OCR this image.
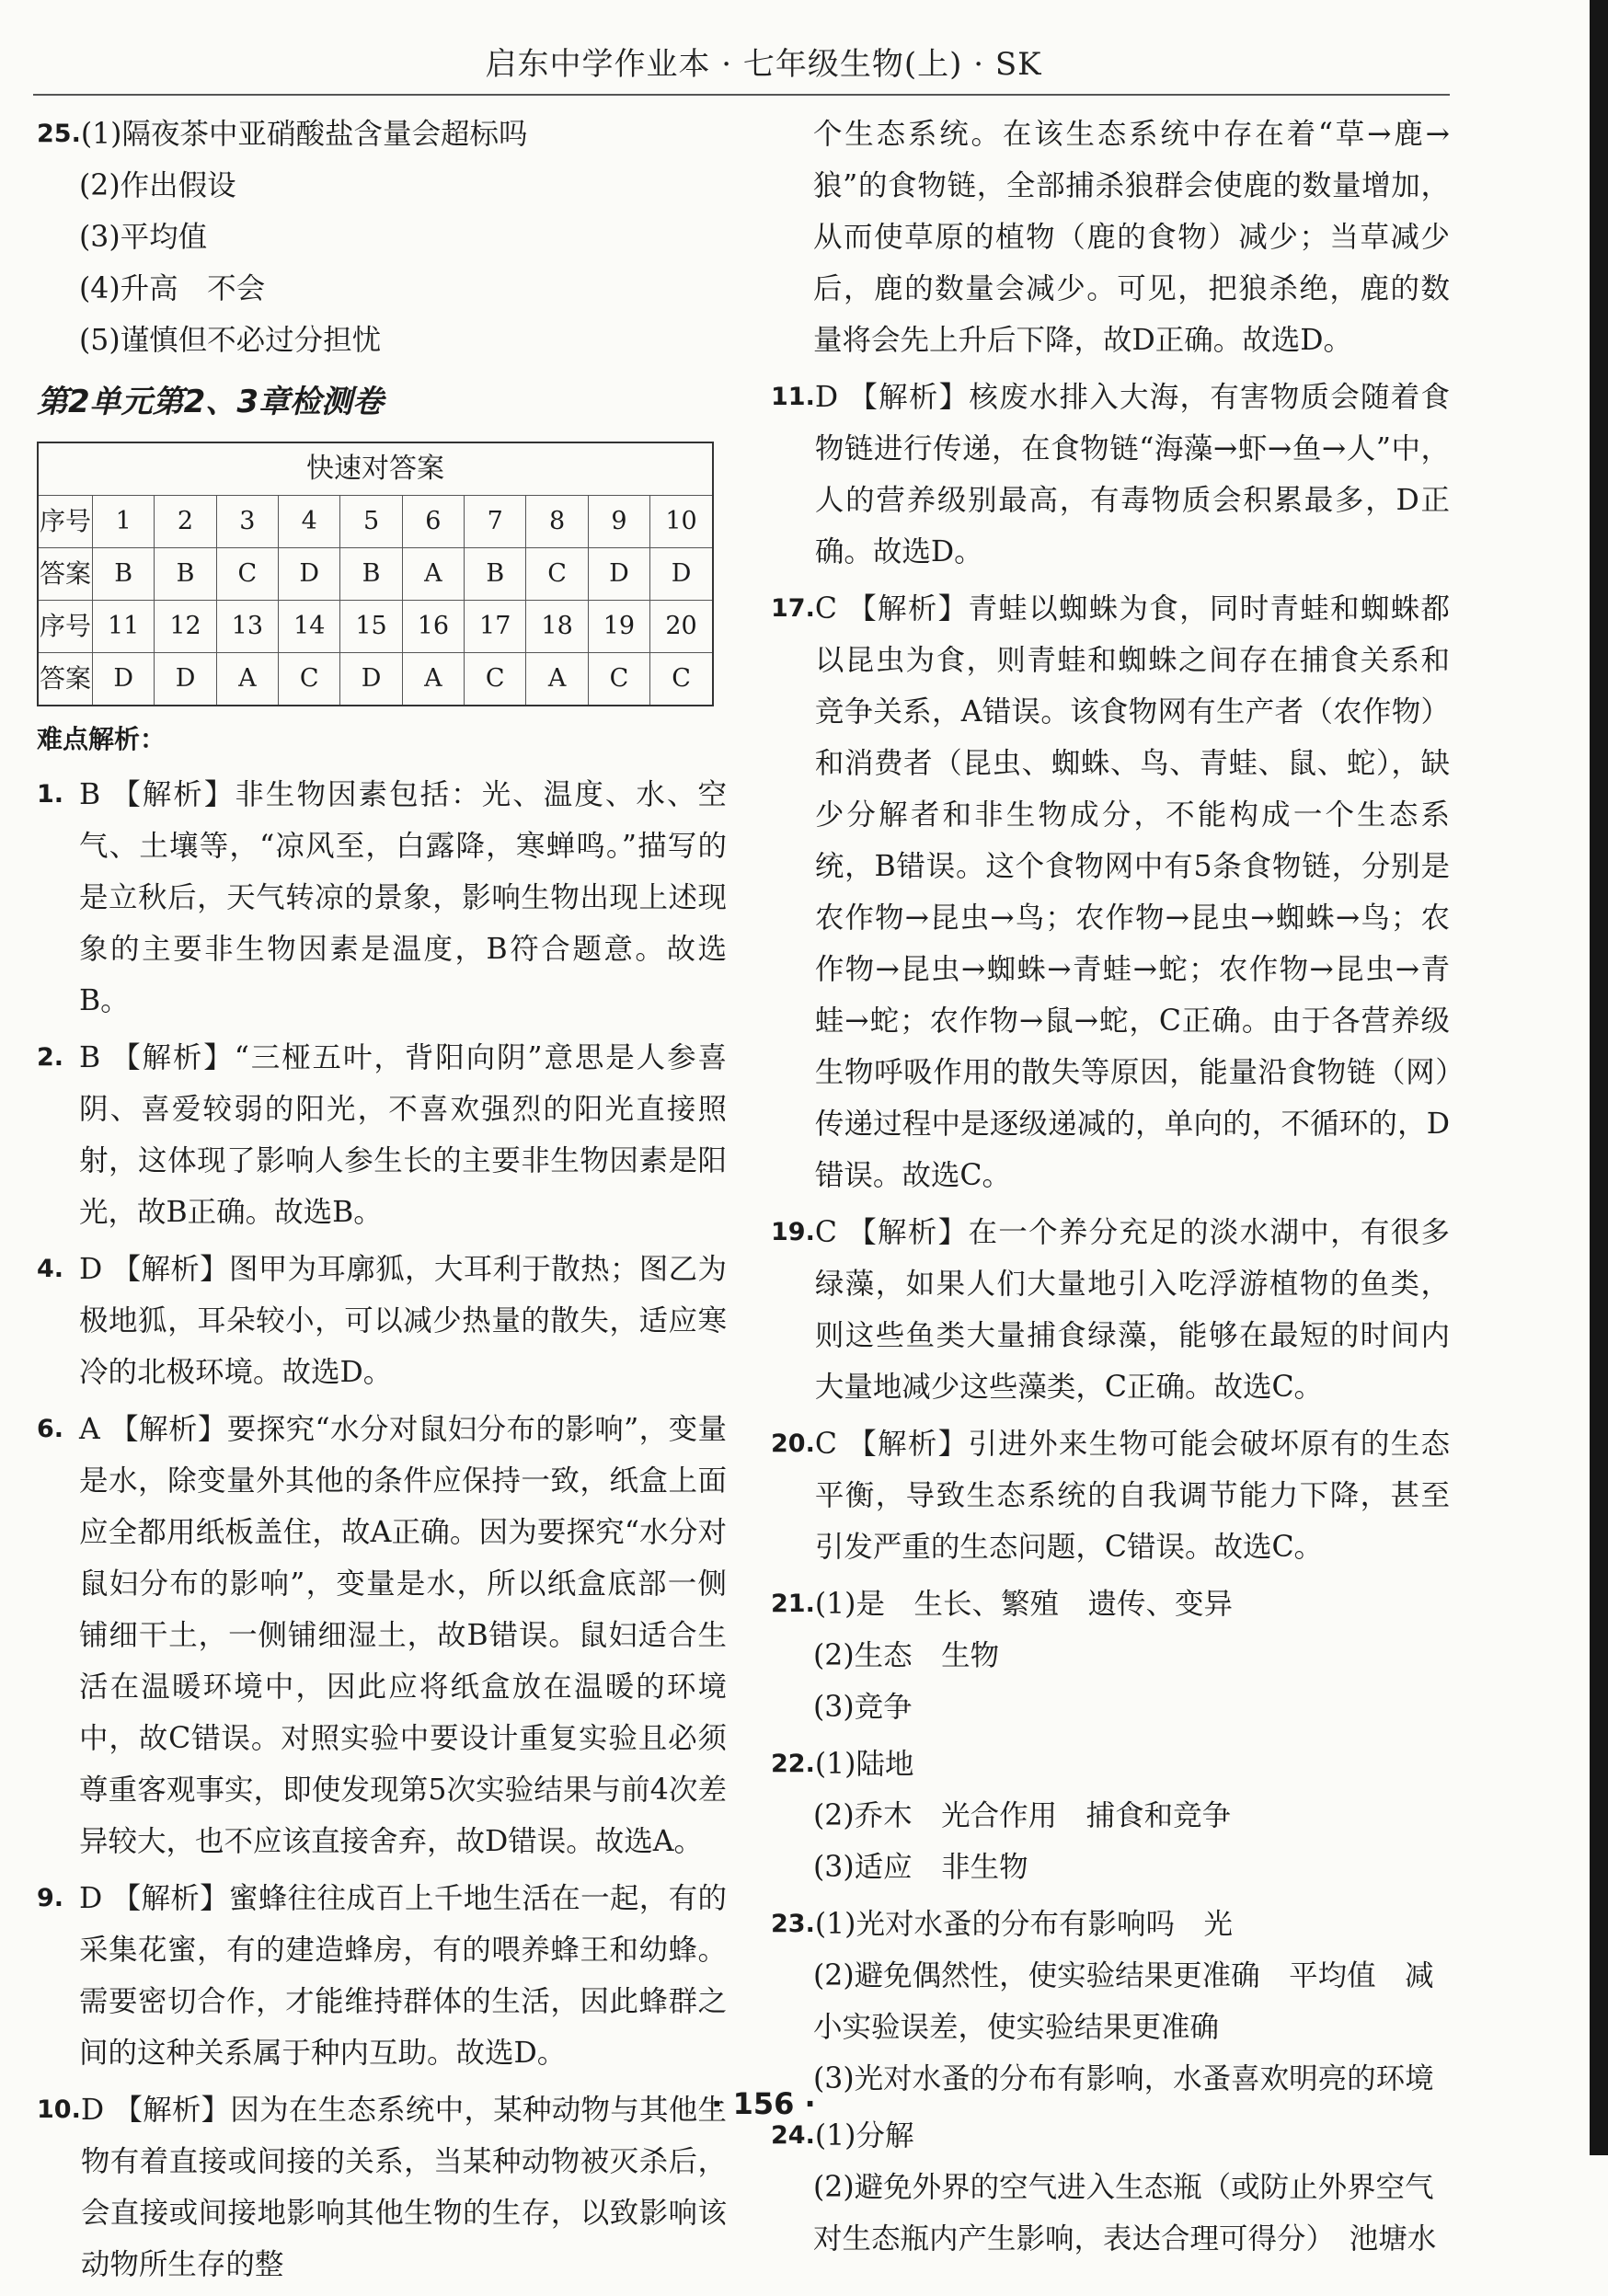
启东中学作业本 · 七年级生物(上) · SK
25. (1)隔夜茶中亚硝酸盐含量会超标吗
(2)作出假设
(3)平均值
(4)升高　不会
(5)谨慎但不必过分担忧
第2单元第2、3章检测卷
快速对答案										
序号	1	2	3	4	5	6	7	8	9	10
答案	B	B	C	D	B	A	B	C	D	D
序号	11	12	13	14	15	16	17	18	19	20
答案	D	D	A	C	D	A	C	A	C	C
难点解析：
1. B 【解析】非生物因素包括：光、温度、水、空气、土壤等，“凉风至，白露降，寒蝉鸣。”描写的是立秋后，天气转凉的景象，影响生物出现上述现象的主要非生物因素是温度，B符合题意。故选B。
2. B 【解析】“三桠五叶，背阳向阴”意思是人参喜阴、喜爱较弱的阳光，不喜欢强烈的阳光直接照射，这体现了影响人参生长的主要非生物因素是阳光，故B正确。故选B。
4. D 【解析】图甲为耳廓狐，大耳利于散热；图乙为极地狐，耳朵较小，可以减少热量的散失，适应寒冷的北极环境。故选D。
6. A 【解析】要探究“水分对鼠妇分布的影响”，变量是水，除变量外其他的条件应保持一致，纸盒上面应全都用纸板盖住，故A正确。因为要探究“水分对鼠妇分布的影响”，变量是水，所以纸盒底部一侧铺细干土，一侧铺细湿土，故B错误。鼠妇适合生活在温暖环境中，因此应将纸盒放在温暖的环境中，故C错误。对照实验中要设计重复实验且必须尊重客观事实，即使发现第5次实验结果与前4次差异较大，也不应该直接舍弃，故D错误。故选A。
9. D 【解析】蜜蜂往往成百上千地生活在一起，有的采集花蜜，有的建造蜂房，有的喂养蜂王和幼蜂。需要密切合作，才能维持群体的生活，因此蜂群之间的这种关系属于种内互助。故选D。
10. D 【解析】因为在生态系统中，某种动物与其他生物有着直接或间接的关系，当某种动物被灭杀后，会直接或间接地影响其他生物的生存，以致影响该动物所生存的整
个生态系统。在该生态系统中存在着“草→鹿→狼”的食物链，全部捕杀狼群会使鹿的数量增加，从而使草原的植物（鹿的食物）减少；当草减少后，鹿的数量会减少。可见，把狼杀绝，鹿的数量将会先上升后下降，故D正确。故选D。
11. D 【解析】核废水排入大海，有害物质会随着食物链进行传递，在食物链“海藻→虾→鱼→人”中，人的营养级别最高，有毒物质会积累最多，D正确。故选D。
17. C 【解析】青蛙以蜘蛛为食，同时青蛙和蜘蛛都以昆虫为食，则青蛙和蜘蛛之间存在捕食关系和竞争关系，A错误。该食物网有生产者（农作物）和消费者（昆虫、蜘蛛、鸟、青蛙、鼠、蛇），缺少分解者和非生物成分，不能构成一个生态系统，B错误。这个食物网中有5条食物链，分别是农作物→昆虫→鸟；农作物→昆虫→蜘蛛→鸟；农作物→昆虫→蜘蛛→青蛙→蛇；农作物→昆虫→青蛙→蛇；农作物→鼠→蛇，C正确。由于各营养级生物呼吸作用的散失等原因，能量沿食物链（网）传递过程中是逐级递减的，单向的，不循环的，D错误。故选C。
19. C 【解析】在一个养分充足的淡水湖中，有很多绿藻，如果人们大量地引入吃浮游植物的鱼类，则这些鱼类大量捕食绿藻，能够在最短的时间内大量地减少这些藻类，C正确。故选C。
20. C 【解析】引进外来生物可能会破坏原有的生态平衡，导致生态系统的自我调节能力下降，甚至引发严重的生态问题，C错误。故选C。
21. (1)是　生长、繁殖　遗传、变异
(2)生态　生物
(3)竞争
22. (1)陆地
(2)乔木　光合作用　捕食和竞争
(3)适应　非生物
23. (1)光对水蚤的分布有影响吗　光
(2)避免偶然性，使实验结果更准确　平均值　减小实验误差，使实验结果更准确
(3)光对水蚤的分布有影响，水蚤喜欢明亮的环境
24. (1)分解
(2)避免外界的空气进入生态瓶（或防止外界空气对生态瓶内产生影响，表达合理可得分）　池塘水
· 156 ·
